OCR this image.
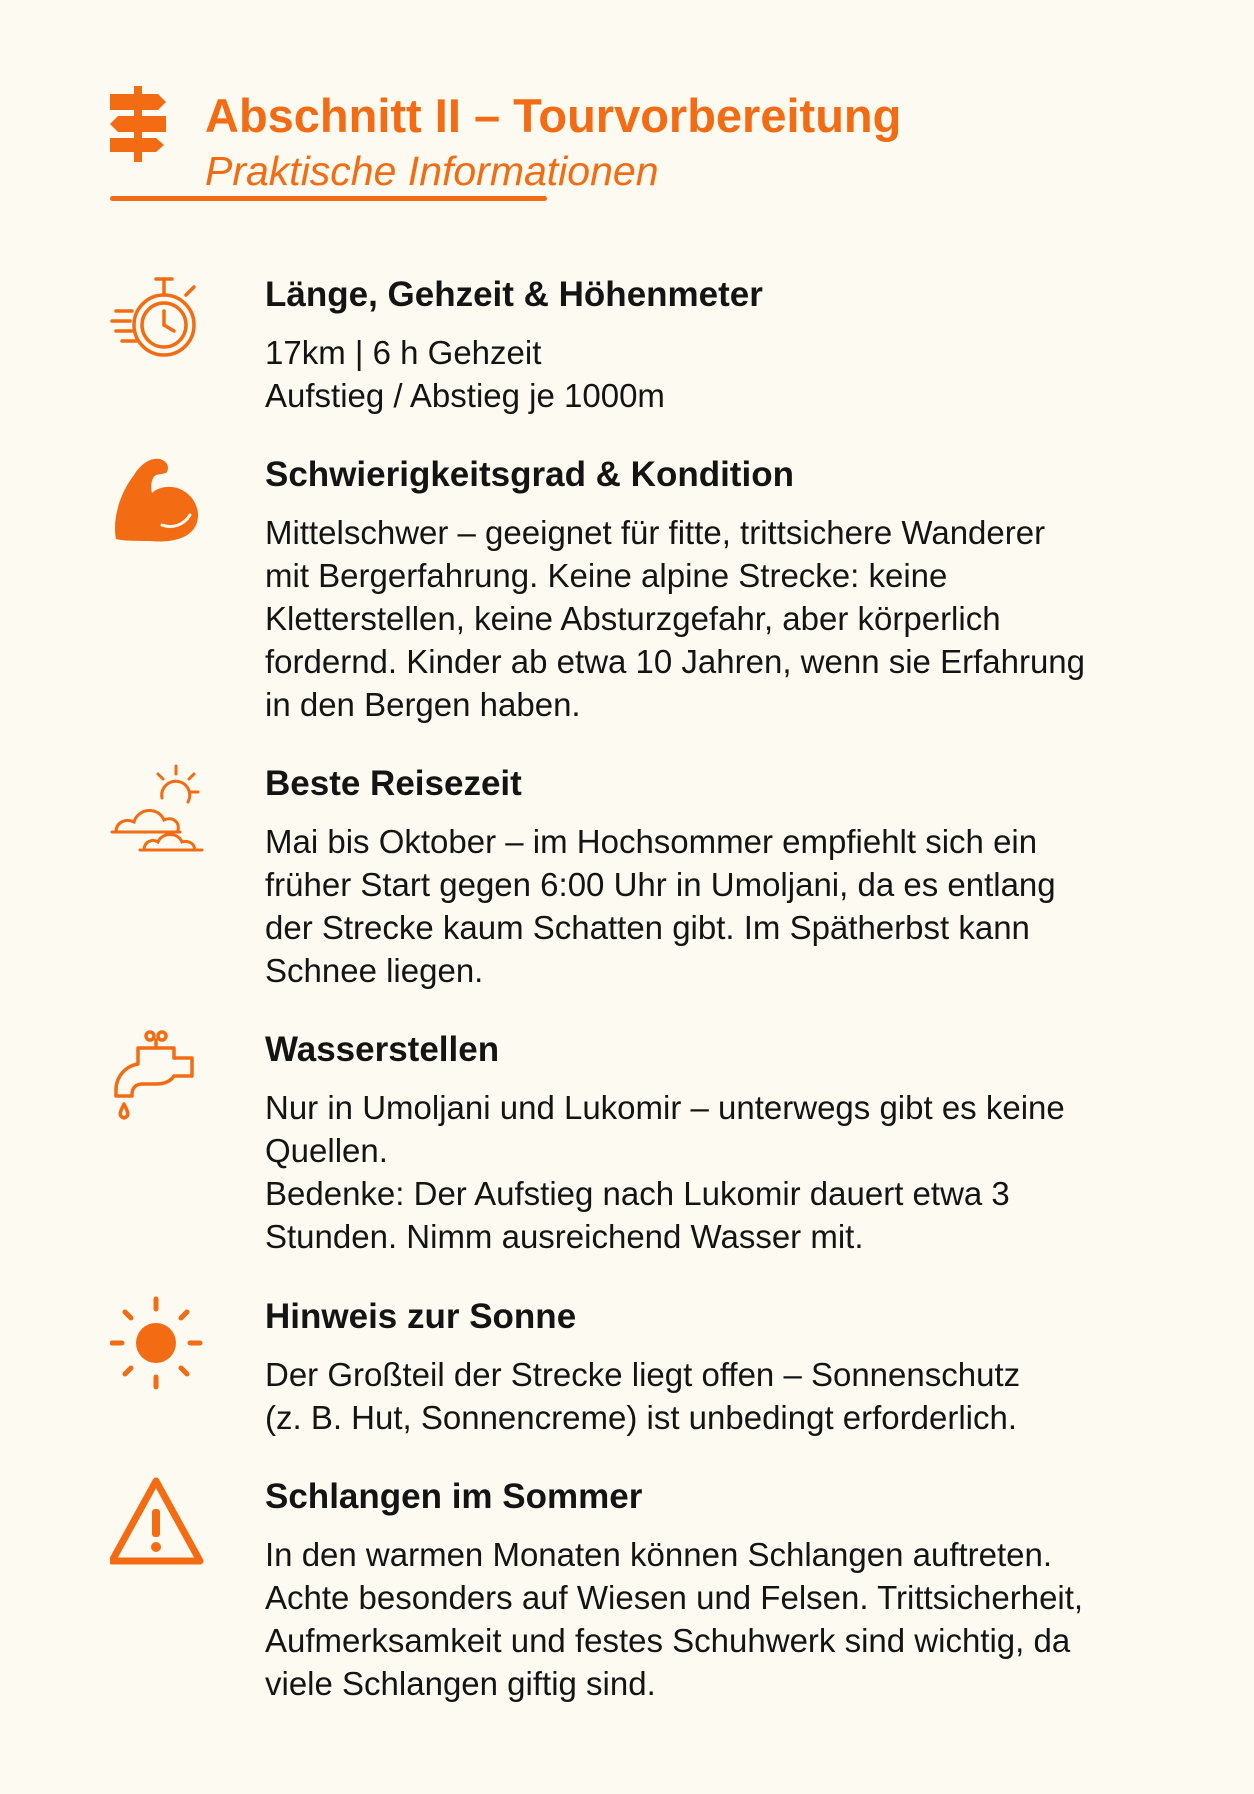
Abschnitt II – Tourvorbereitung
Praktische Informationen
Länge, Gehzeit & Höhenmeter
17km | 6 h Gehzeit
Aufstieg / Abstieg je 1000m
Schwierigkeitsgrad & Kondition
Mittelschwer – geeignet für fitte, trittsichere Wanderer
mit Bergerfahrung. Keine alpine Strecke: keine
Kletterstellen, keine Absturzgefahr, aber körperlich
fordernd. Kinder ab etwa 10 Jahren, wenn sie Erfahrung
in den Bergen haben.
Beste Reisezeit
Mai bis Oktober – im Hochsommer empfiehlt sich ein
früher Start gegen 6:00 Uhr in Umoljani, da es entlang
der Strecke kaum Schatten gibt. Im Spätherbst kann
Schnee liegen.
Wasserstellen
Nur in Umoljani und Lukomir – unterwegs gibt es keine
Quellen.
Bedenke: Der Aufstieg nach Lukomir dauert etwa 3
Stunden. Nimm ausreichend Wasser mit.
Hinweis zur Sonne
Der Großteil der Strecke liegt offen – Sonnenschutz
(z. B. Hut, Sonnencreme) ist unbedingt erforderlich.
Schlangen im Sommer
In den warmen Monaten können Schlangen auftreten.
Achte besonders auf Wiesen und Felsen. Trittsicherheit,
Aufmerksamkeit und festes Schuhwerk sind wichtig, da
viele Schlangen giftig sind.
